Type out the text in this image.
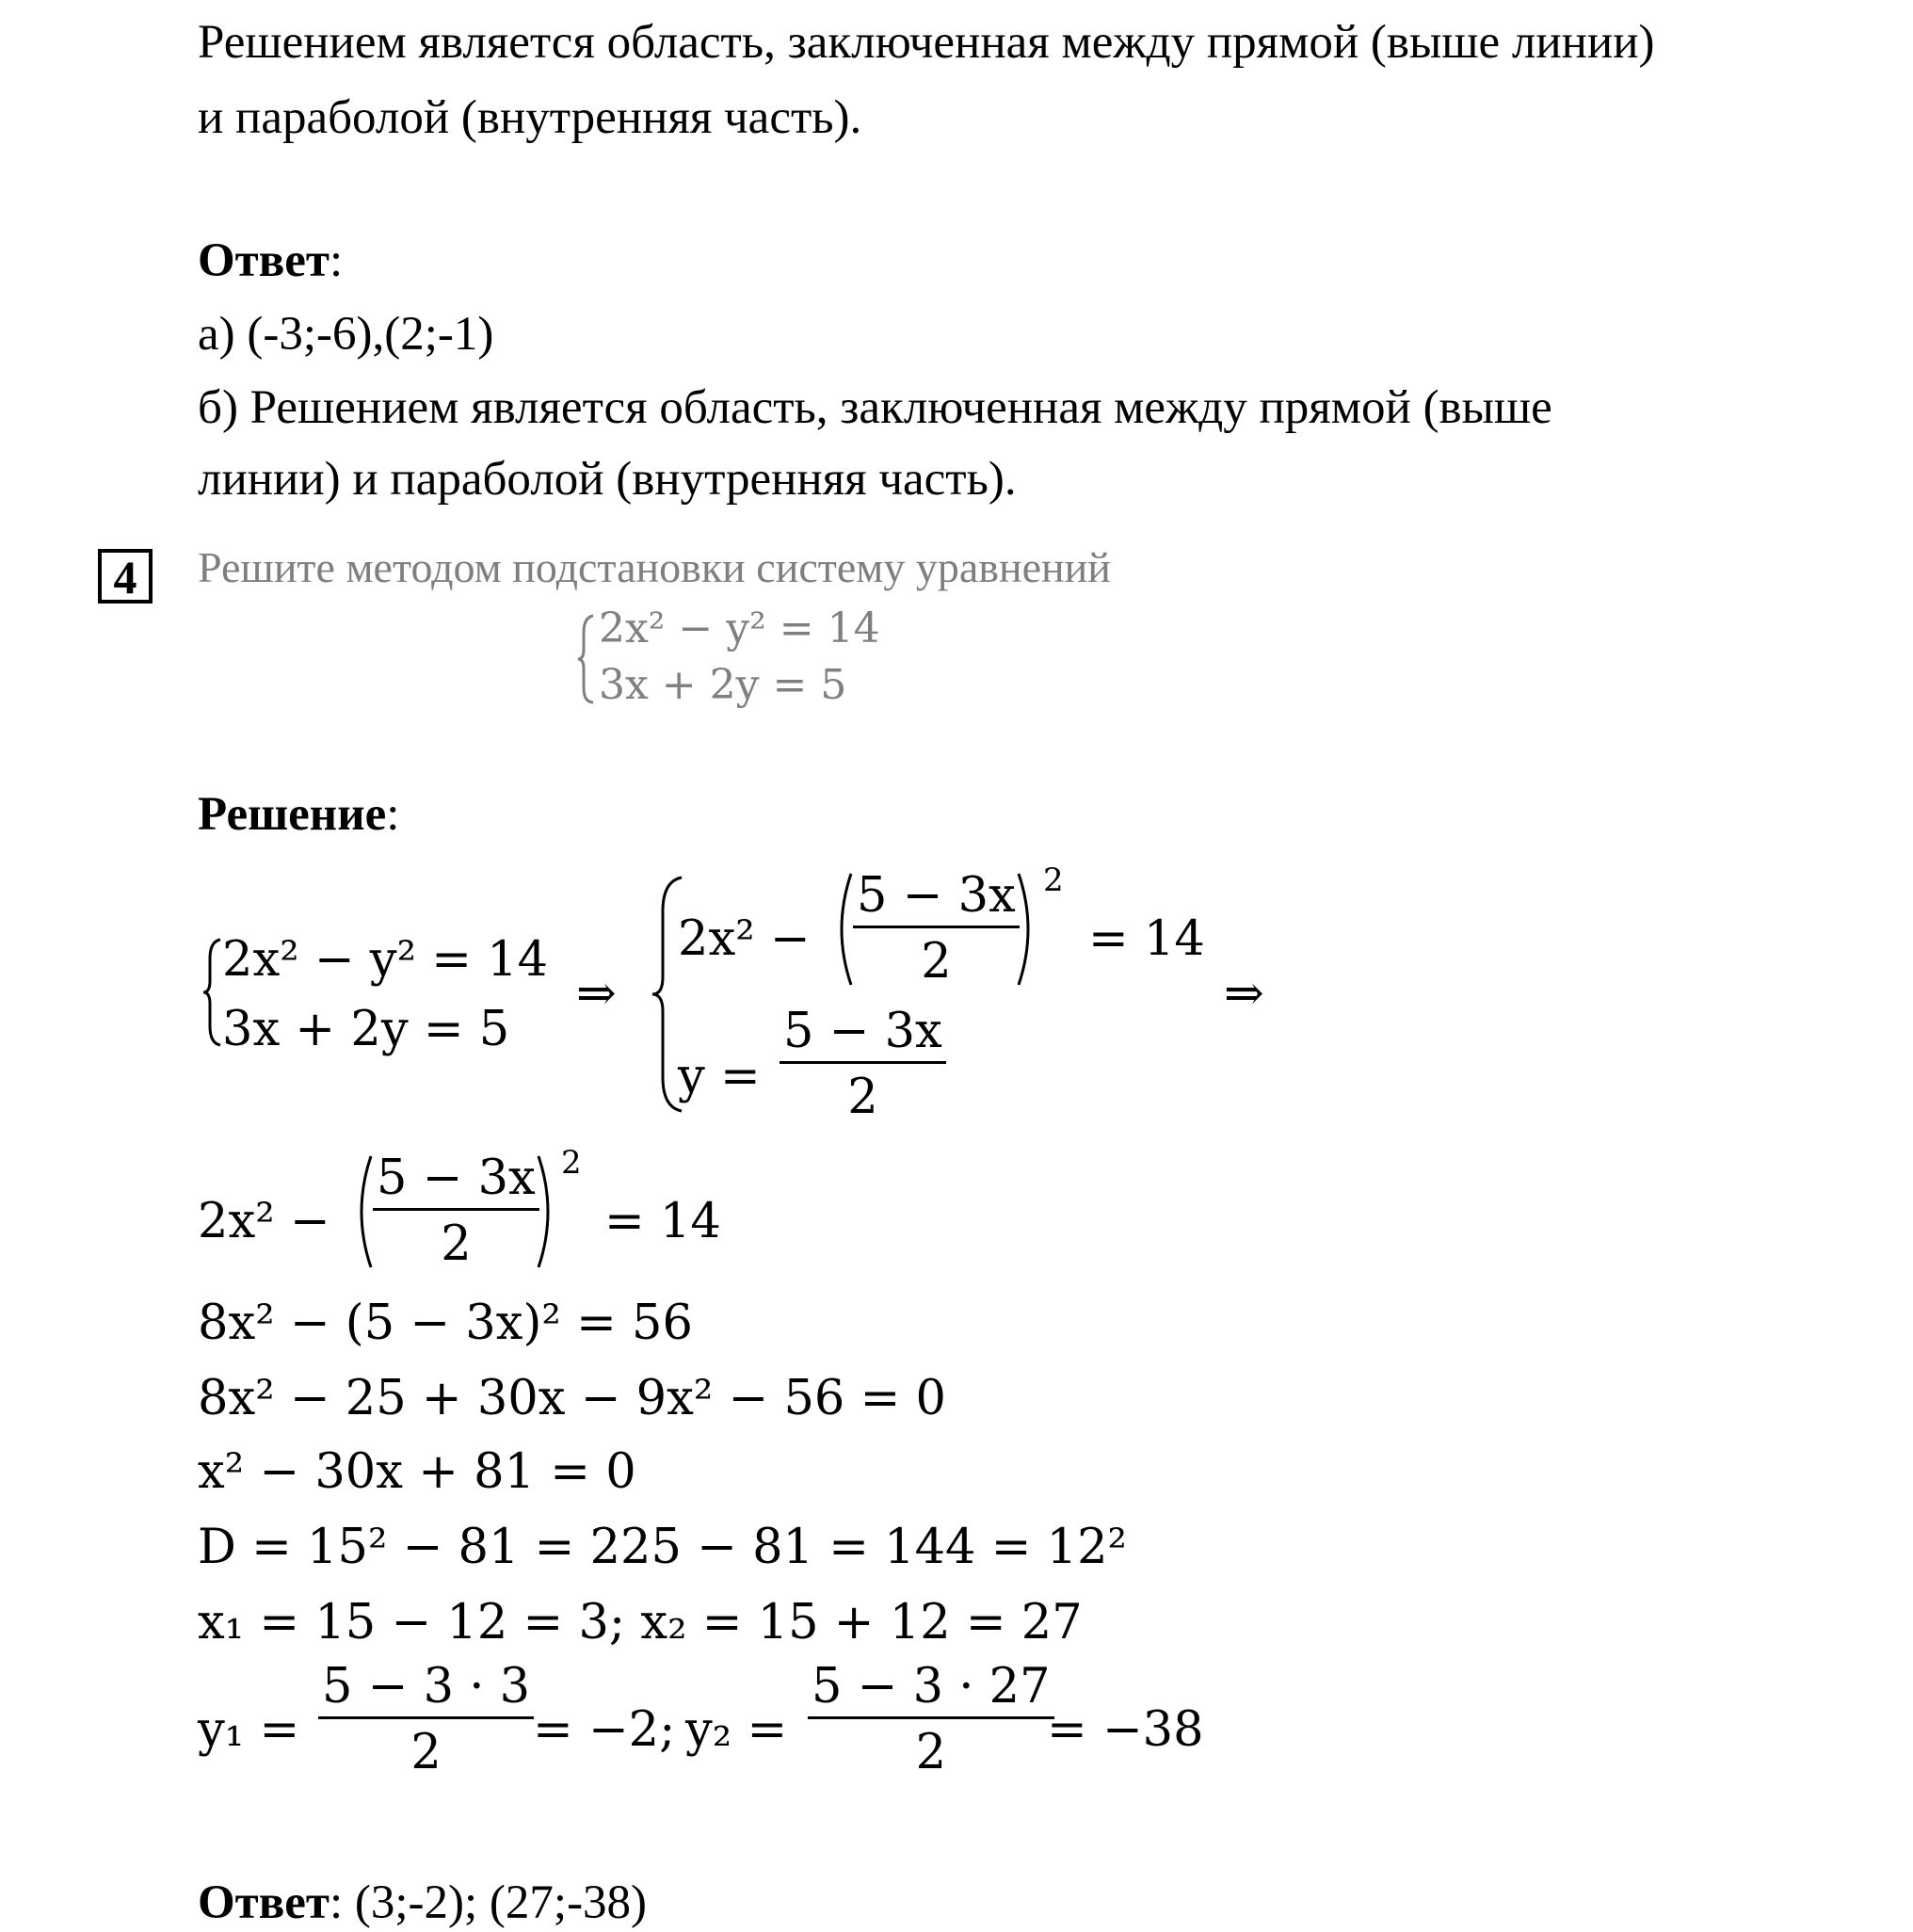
Решением является область, заключенная между прямой (выше линии)
и параболой (внутренняя часть).
Ответ:
а) (-3;-6),(2;-1)
б) Решением является область, заключенная между прямой (выше
линии) и параболой (внутренняя часть).
4	Решите методом подстановки систему уравнений
2x² − y² = 14
3x + 2y = 5
Решение:
2x² − y² = 14
3x + 2y = 5
⇒
$2x^2 - \frac{5 - 3x}{2} 2$
= 14
$y = \frac{5 - 3x}{2}$
⇒
$2x^2 - \frac{5 - 3x}{2} 2$
= 14
8x² − (5 − 3x)² = 56
8x² − 25 + 30x − 9x² − 56 = 0
x² − 30x + 81 = 0
D = 15² − 81 = 225 − 81 = 144 = 12²
x₁ = 15 − 12 = 3; x₂ = 15 + 12 = 27
$y_1 = \frac{5 - 3 \cdot 3}{2}$
= −2; $y_2 = \frac{5 - 3 \cdot 27}{2}$
= −38
Ответ: (3;-2); (27;-38)
